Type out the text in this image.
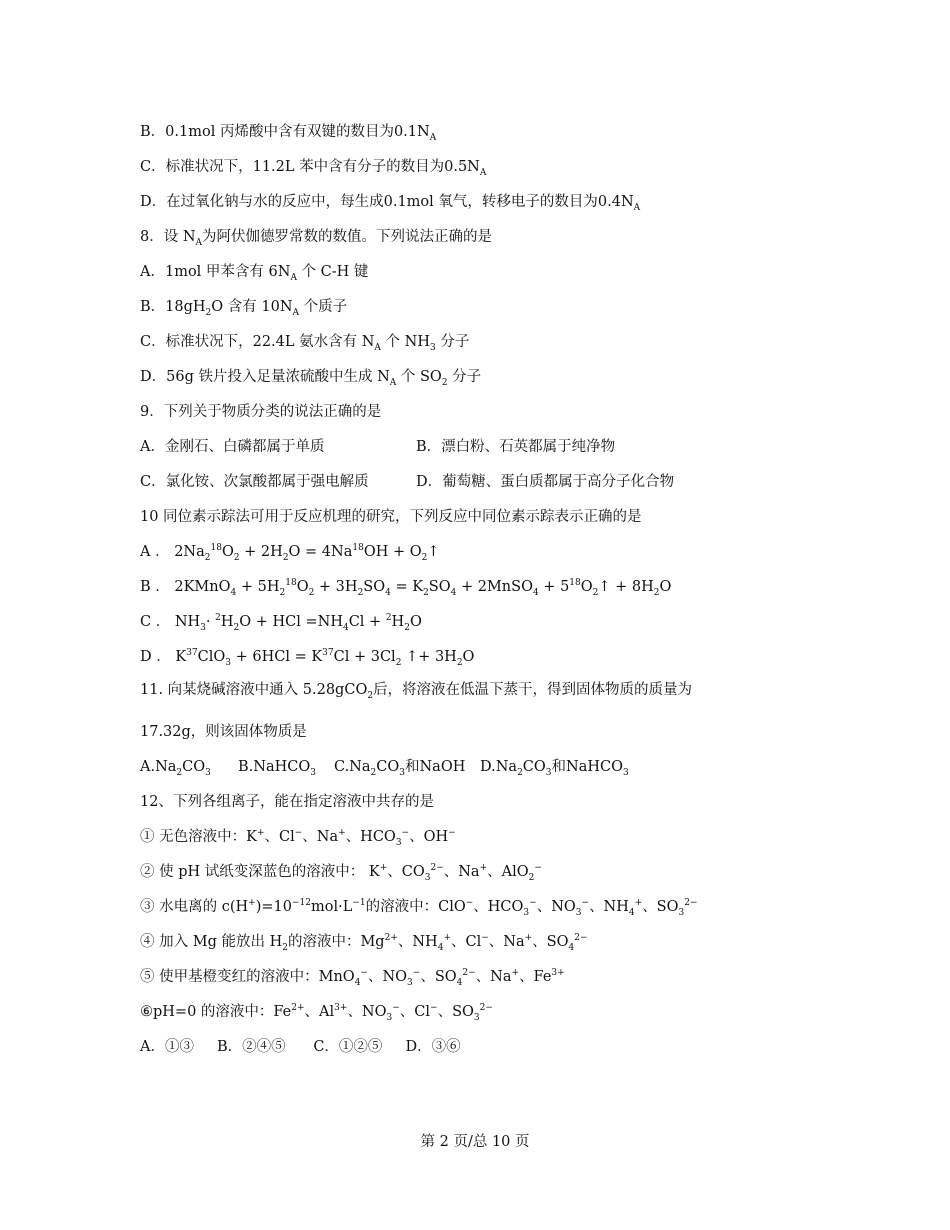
B．0.1mol 丙烯酸中含有双键的数目为$0.1N_A$
C．标准状况下，11.2L 苯中含有分子的数目为$0.5N_A$
D．在过氧化钠与水的反应中，每生成0.1mol 氧气，转移电子的数目为$0.4N_A$
8．设 $N_A$为阿伏伽德罗常数的数值。下列说法正确的是
A．1mol 甲苯含有 $6N_A$ 个 C-H 键
B．$18gH_2O$ 含有 $10N_A$ 个质子
C．标准状况下，22.4L 氨水含有 $N_A$ 个 $NH_3$ 分子
D．56g 铁片投入足量浓硫酸中生成 $N_A$ 个 $SO_2$ 分子
9．下列关于物质分类的说法正确的是
A．金刚石、白磷都属于单质	B．漂白粉、石英都属于纯净物
C．氯化铵、次氯酸都属于强电解质	D．葡萄糖、蛋白质都属于高分子化合物
10 同位素示踪法可用于反应机理的研究，下列反应中同位素示踪表示正确的是
A ． $2Na_2^{18}O_2 + 2H_2O = 4Na^{18}OH$ + $O_2↑$
B ． 2KMnO$_4$ + $5H_2^{18}O_2 + 3H_2SO_4 = K_2SO_4$ + 2MnSO$_4$ + $5^{18}O_2↑ + 8H_2O$
C ． $NH_3\cdot ^2H_2O$ + HCl $=NH_4Cl + ^2H_2O$
D ． $K^{37}ClO_3 + 6HCl = K^{37}Cl + 3Cl_2$ ↑+ $3H_2O$
11. 向某烧碱溶液中通入 5.28gCO$_2$后，将溶液在低温下蒸干，得到固体物质的质量为
17.32g，则该固体物质是
$A.Na_2CO_3$ B.NaHCO$_3$ $C.Na_2CO_3$和NaOH $D.Na_2CO_3$和NaHCO$_3$
12、下列各组离子，能在指定溶液中共存的是
① 无色溶液中：K+、Cl−、Na+、$HCO_3^-$、OH−
② 使 pH 试纸变深蓝色的溶液中： K+、$CO_3^{2-}$、Na+、AlO$_2$−
③ 水电离的 $c(H^+)=10^{-12}mol\cdot L^{-1}$的溶液中：ClO−、$HCO_3^-$、$NO_3^-$、$NH_4^+$、$SO_3^{2-}$
④ 加入 Mg 能放出 $H_2$的溶液中：$Mg^{2+}$、$NH_4^+$、Cl−、Na+、$SO_4^{2-}$
⑤ 使甲基橙变红的溶液中：MnO$_4$−、$NO_3^-$、$SO_4^{2-}$、Na+、$Fe^{3+}$
⑥pH=0 的溶液中：$Fe^{2+}$、$Al^{3+}$、$NO_3^-$、Cl−、$SO_3^{2-}$
A．①③     B．②④⑤      C．①②⑤     D．③⑥
第 2 页/总 10 页
